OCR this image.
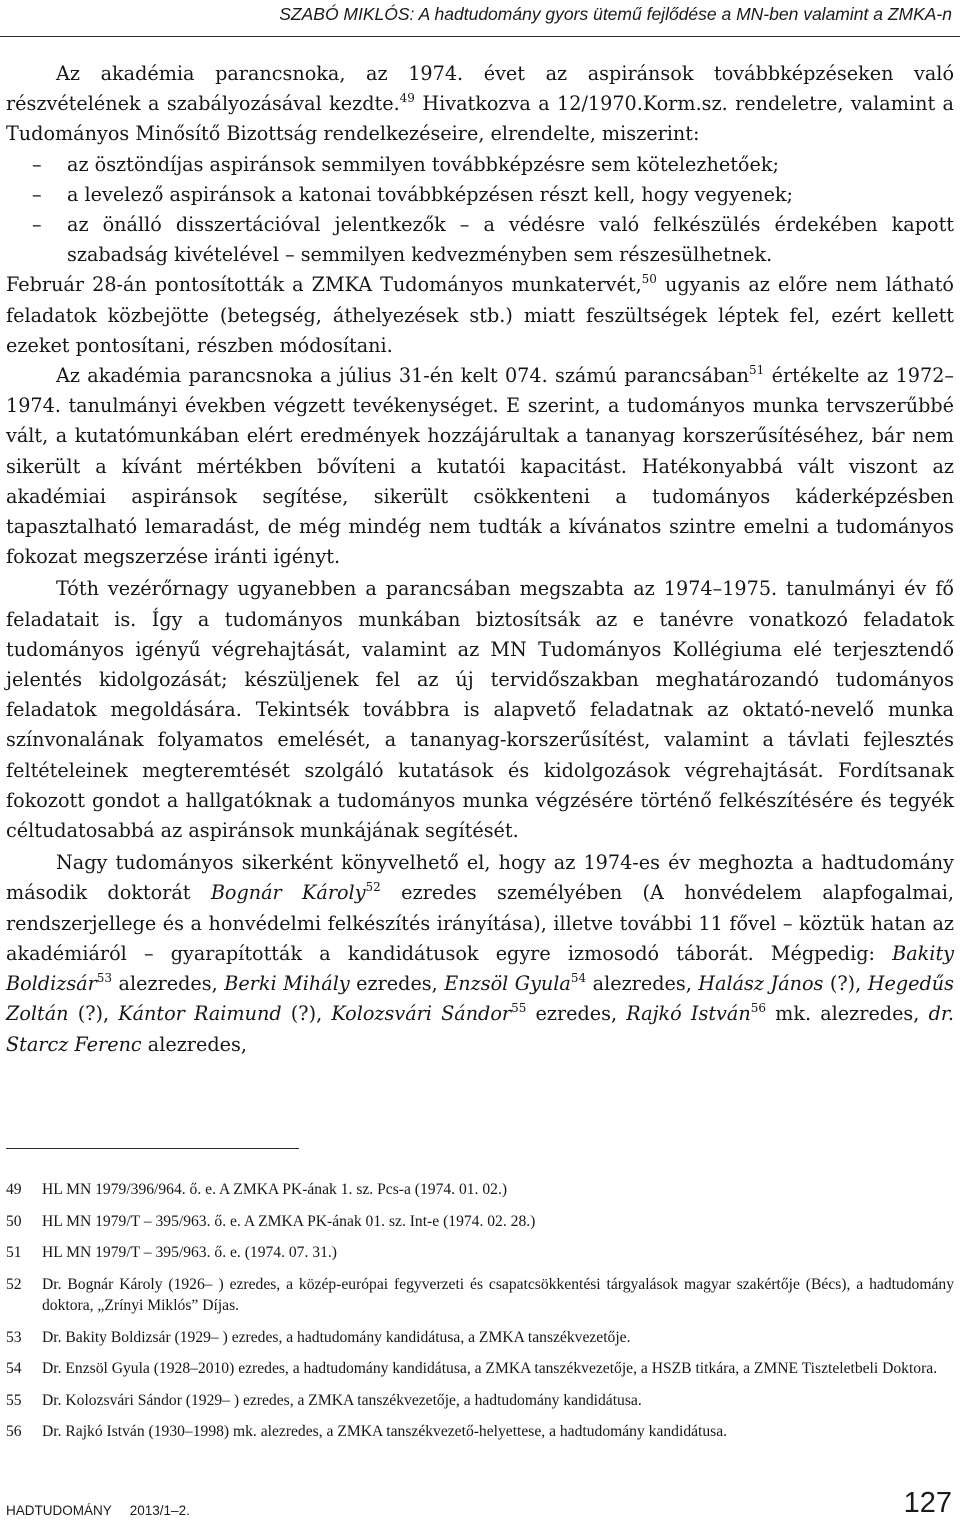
SZABÓ MIKLÓS: A hadtudomány gyors ütemű fejlődése a MN-ben valamint a ZMKA-n

Az akadémia parancsnoka, az 1974. évet az aspiránsok továbbképzéseken való részvételének a szabályozásával kezdte.$^{49}$ Hivatkozva a 12/1970.Korm.sz. rendeletre, valamint a Tudományos Minősítő Bizottság rendelkezéseire, elrendelte, miszerint:

– az ösztöndíjas aspiránsok semmilyen továbbképzésre sem kötelezhetőek;
– a levelező aspiránsok a katonai továbbképzésen részt kell, hogy vegyenek;
– az önálló disszertációval jelentkezők – a védésre való felkészülés érdekében kapott szabadság kivételével – semmilyen kedvezményben sem részesülhetnek.

Február 28-án pontosították a ZMKA Tudományos munkatervét,$^{50}$ ugyanis az előre nem látható feladatok közbejötte (betegség, áthelyezések stb.) miatt feszültségek léptek fel, ezért kellett ezeket pontosítani, részben módosítani.

Az akadémia parancsnoka a július 31-én kelt 074. számú parancsában$^{51}$ értékelte az 1972–1974. tanulmányi években végzett tevékenységet. E szerint, a tudományos munka tervszerűbbé vált, a kutatómunkában elért eredmények hozzájárultak a tananyag korszerűsítéséhez, bár nem sikerült a kívánt mértékben bővíteni a kutatói kapacitást. Hatékonyabbá vált viszont az akadémiai aspiránsok segítése, sikerült csökkenteni a tudományos káderképzésben tapasztalható lemaradást, de még mindég nem tudták a kívánatos szintre emelni a tudományos fokozat megszerzése iránti igényt.

Tóth vezérőrnagy ugyanebben a parancsában megszabta az 1974–1975. tanulmányi év fő feladatait is. Így a tudományos munkában biztosítsák az e tanévre vonatkozó feladatok tudományos igényű végrehajtását, valamint az MN Tudományos Kollégiuma elé terjesztendő jelentés kidolgozását; készüljenek fel az új tervidőszakban meghatározandó tudományos feladatok megoldására. Tekintsék továbbra is alapvető feladatnak az oktató-nevelő munka színvonalának folyamatos emelését, a tananyag-korszerűsítést, valamint a távlati fejlesztés feltételeinek megteremtését szolgáló kutatások és kidolgozások végrehajtását. Fordítsanak fokozott gondot a hallgatóknak a tudományos munka végzésére történő felkészítésére és tegyék céltudatosabbá az aspiránsok munkájának segítését.

Nagy tudományos sikerként könyvelhető el, hogy az 1974-es év meghozta a hadtudomány második doktorát Bognár Károly$^{52}$ ezredes személyében (A honvédelem alapfogalmai, rendszerjellege és a honvédelmi felkészítés irányítása), illetve további 11 fővel – köztük hatan az akadémiáról – gyarapították a kandidátusok egyre izmosodó táborát. Mégpedig: Bakity Boldizsár$^{53}$ alezredes, Berki Mihály ezredes, Enzsöl Gyula$^{54}$ alezredes, Halász János (?), Hegedűs Zoltán (?), Kántor Raimund (?), Kolozsvári Sándor$^{55}$ ezredes, Rajkó István$^{56}$ mk. alezredes, dr. Starcz Ferenc alezredes,

49 HL MN 1979/396/964. ő. e. A ZMKA PK-ának 1. sz. Pcs-a (1974. 01. 02.)
50 HL MN 1979/T – 395/963. ő. e. A ZMKA PK-ának 01. sz. Int-e (1974. 02. 28.)
51 HL MN 1979/T – 395/963. ő. e. (1974. 07. 31.)
52 Dr. Bognár Károly (1926– ) ezredes, a közép-európai fegyverzeti és csapatcsökkentési tárgyalások magyar szakértője (Bécs), a hadtudomány doktora, „Zrínyi Miklós” Díjas.
53 Dr. Bakity Boldizsár (1929– ) ezredes, a hadtudomány kandidátusa, a ZMKA tanszékvezetője.
54 Dr. Enzsöl Gyula (1928–2010) ezredes, a hadtudomány kandidátusa, a ZMKA tanszékvezetője, a HSZB titkára, a ZMNE Tiszteletbeli Doktora.
55 Dr. Kolozsvári Sándor (1929– ) ezredes, a ZMKA tanszékvezetője, a hadtudomány kandidátusa.
56 Dr. Rajkó István (1930–1998) mk. alezredes, a ZMKA tanszékvezető-helyettese, a hadtudomány kandidátusa.
HADTUDOMÁNY 2013/1–2.	127
